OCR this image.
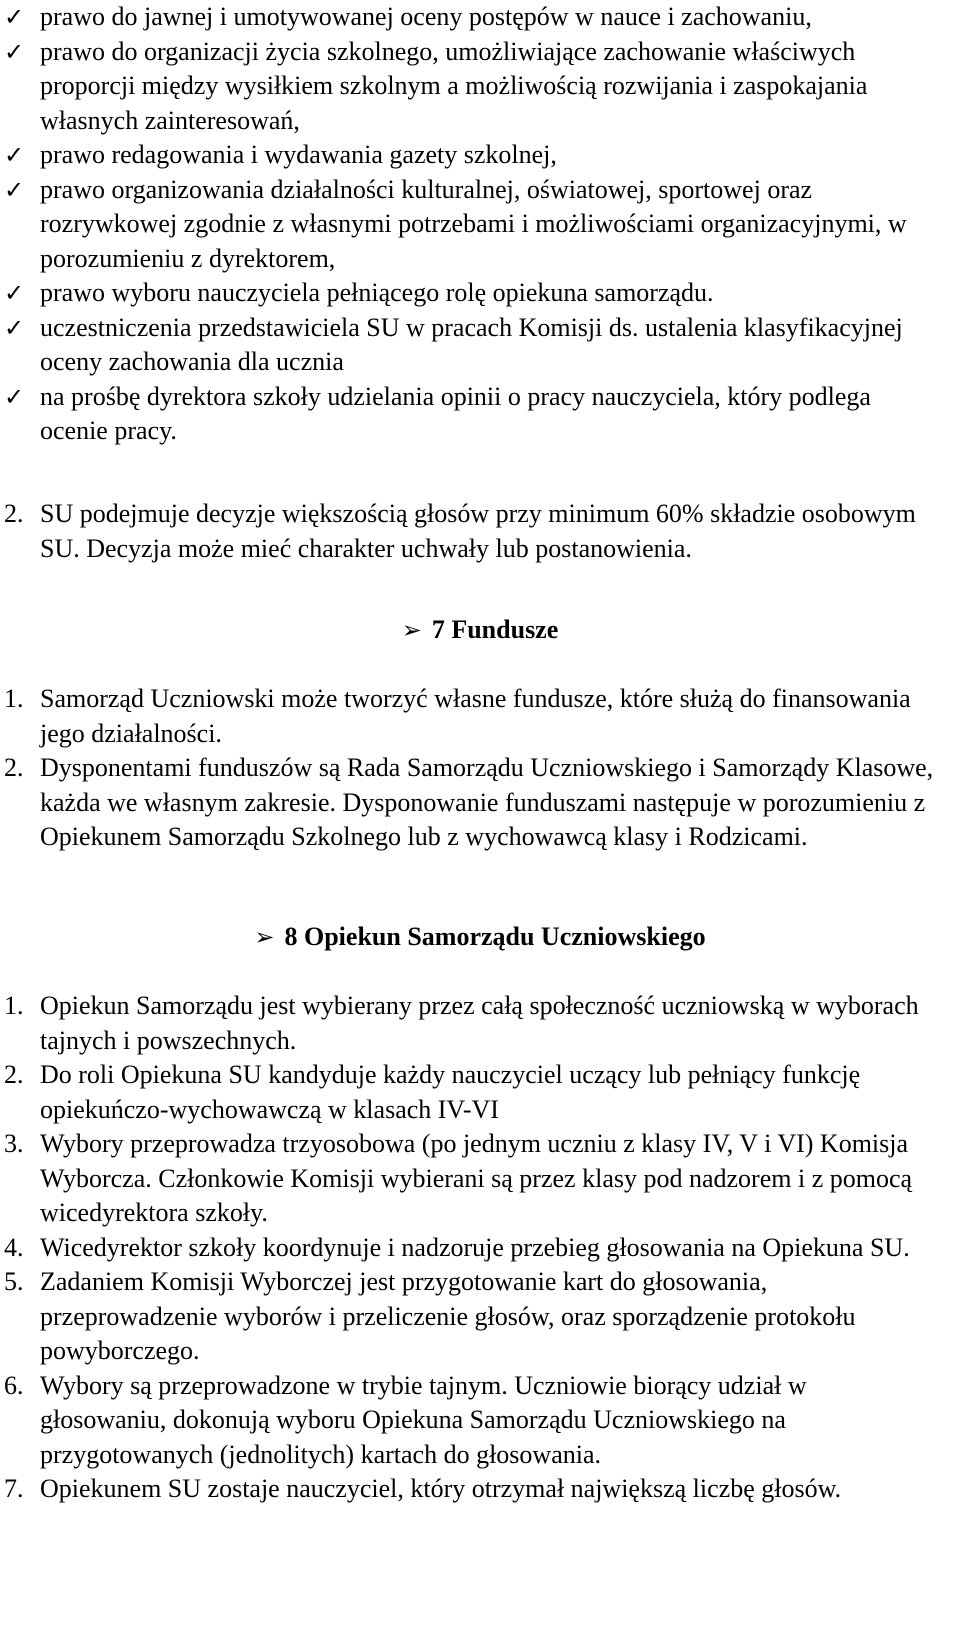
✓ prawo do jawnej i umotywowanej oceny postępów w nauce i zachowaniu,
✓ prawo do organizacji życia szkolnego, umożliwiające zachowanie właściwych proporcji między wysiłkiem szkolnym a możliwością rozwijania i zaspokajania własnych zainteresowań,
✓ prawo redagowania i wydawania gazety szkolnej,
✓ prawo organizowania działalności kulturalnej, oświatowej, sportowej oraz rozrywkowej zgodnie z własnymi potrzebami i możliwościami organizacyjnymi, w porozumieniu z dyrektorem,
✓ prawo wyboru nauczyciela pełniącego rolę opiekuna samorządu.
✓ uczestniczenia przedstawiciela SU w pracach Komisji ds. ustalenia klasyfikacyjnej oceny zachowania dla ucznia
✓ na prośbę dyrektora szkoły udzielania opinii o pracy nauczyciela, który podlega ocenie pracy.
2. SU podejmuje decyzje większością głosów przy minimum 60% składzie osobowym SU. Decyzja może mieć charakter uchwały lub postanowienia.
➢ 7 Fundusze
1. Samorząd Uczniowski może tworzyć własne fundusze, które służą do finansowania jego działalności.
2. Dysponentami funduszów są Rada Samorządu Uczniowskiego i Samorządy Klasowe, każda we własnym zakresie. Dysponowanie funduszami następuje w porozumieniu z Opiekunem Samorządu Szkolnego lub z wychowawcą klasy i Rodzicami.
➢ 8 Opiekun Samorządu Uczniowskiego
1. Opiekun Samorządu jest wybierany przez całą społeczność uczniowską w wyborach tajnych i powszechnych.
2. Do roli Opiekuna SU kandyduje każdy nauczyciel uczący lub pełniący funkcję opiekuńczo-wychowawczą w klasach IV-VI
3. Wybory przeprowadza trzyosobowa (po jednym uczniu z klasy IV, V i VI) Komisja Wyborcza. Członkowie Komisji wybierani są przez klasy pod nadzorem i z pomocą wicedyrektora szkoły.
4. Wicedyrektor szkoły koordynuje i nadzoruje przebieg głosowania na Opiekuna SU.
5. Zadaniem Komisji Wyborczej jest przygotowanie kart do głosowania, przeprowadzenie wyborów i przeliczenie głosów, oraz sporządzenie protokołu powyborczego.
6. Wybory są przeprowadzone w trybie tajnym. Uczniowie biorący udział w głosowaniu, dokonują wyboru Opiekuna Samorządu Uczniowskiego na przygotowanych (jednolitych) kartach do głosowania.
7. Opiekunem SU zostaje nauczyciel, który otrzymał największą liczbę głosów.
